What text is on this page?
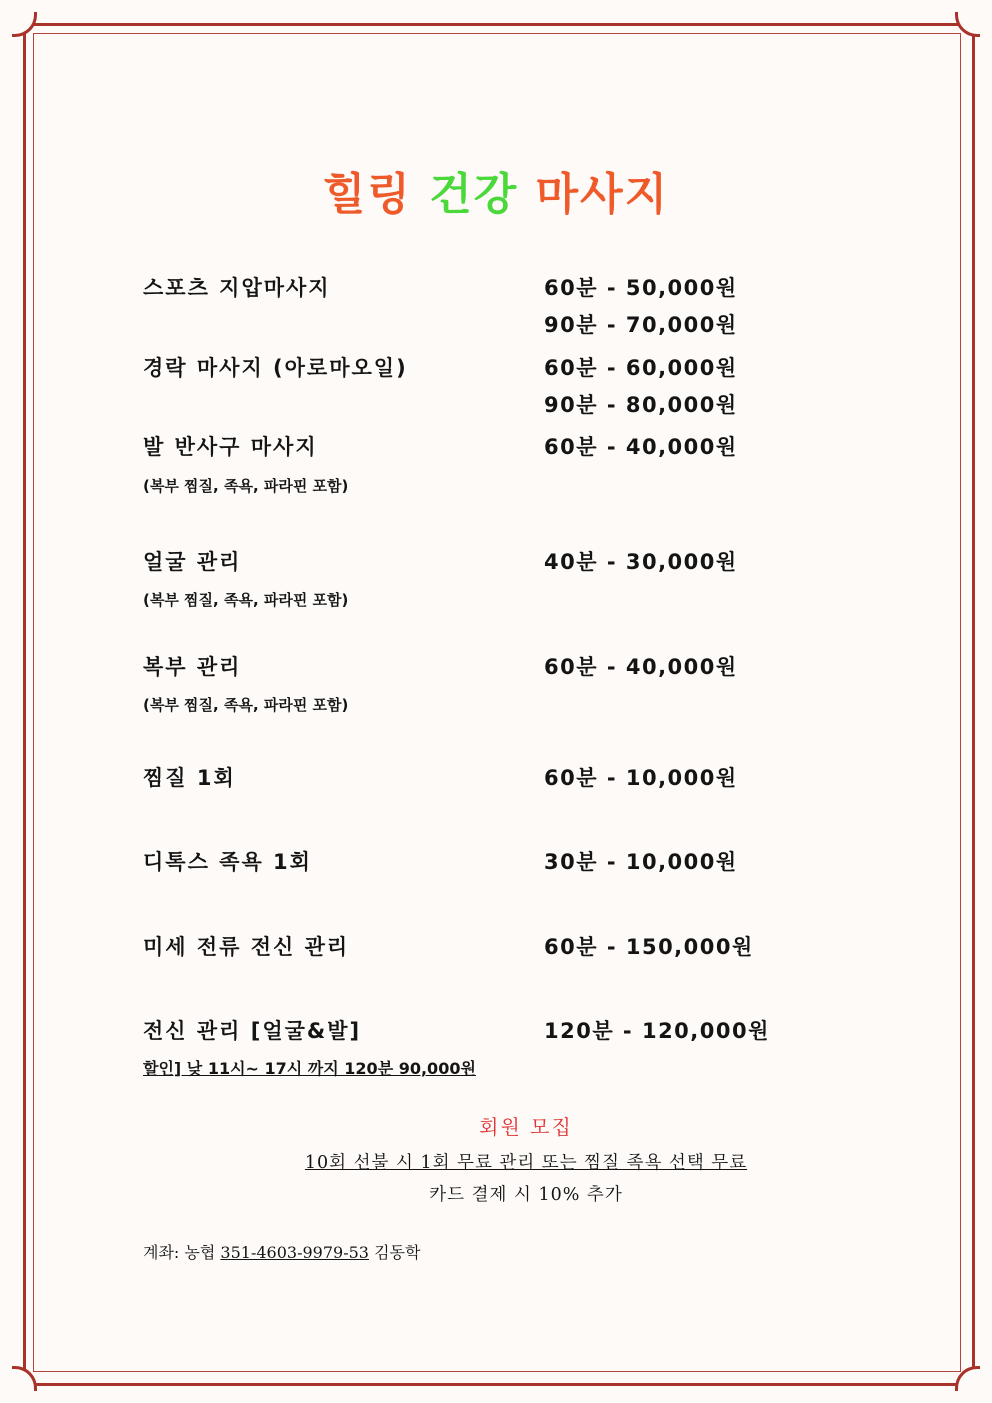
힐링 건강 마사지
스포츠 지압마사지	60분 - 50,000원
90분 - 70,000원
경락 마사지 (아로마오일)	60분 - 60,000원
90분 - 80,000원
발 반사구 마사지	60분 - 40,000원
(복부 찜질, 족욕, 파라핀 포함)
얼굴 관리	40분 - 30,000원
(복부 찜질, 족욕, 파라핀 포함)
복부 관리	60분 - 40,000원
(복부 찜질, 족욕, 파라핀 포함)
찜질 1회	60분 - 10,000원
디톡스 족욕 1회	30분 - 10,000원
미세 전류 전신 관리	60분 - 150,000원
전신 관리 [얼굴&발]	120분 - 120,000원
할인] 낮 11시~ 17시 까지 120분 90,000원
회원 모집
10회 선불 시 1회 무료 관리 또는 찜질 족욕 선택 무료
카드 결제 시 10% 추가
계좌: 농협 351-4603-9979-53 김동학
